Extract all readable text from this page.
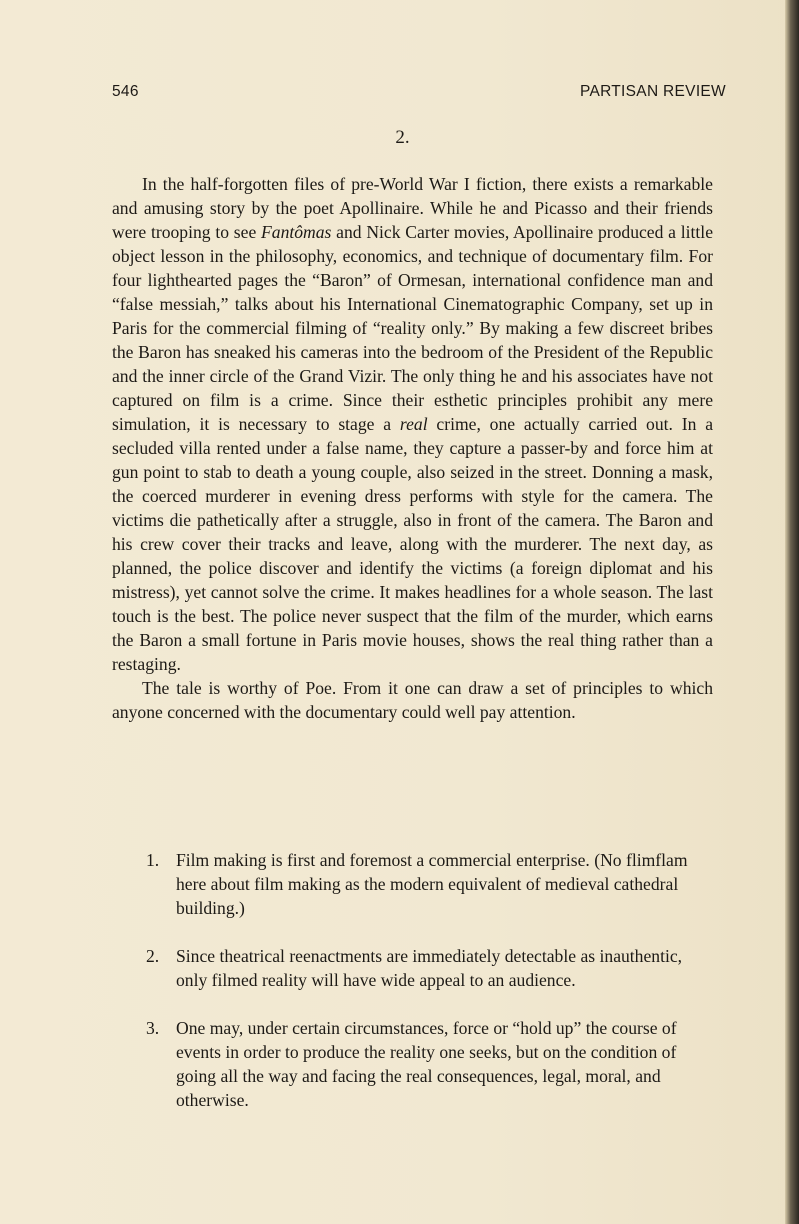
546	PARTISAN REVIEW
2.

In the half-forgotten files of pre-World War I fiction, there exists a remarkable and amusing story by the poet Apollinaire. While he and Picasso and their friends were trooping to see Fantômas and Nick Carter movies, Apollinaire produced a little object lesson in the philosophy, economics, and technique of documentary film. For four lighthearted pages the “Baron” of Ormesan, international confidence man and “false messiah,” talks about his International Cinematographic Company, set up in Paris for the commercial filming of “reality only.” By making a few discreet bribes the Baron has sneaked his cameras into the bedroom of the President of the Republic and the inner circle of the Grand Vizir. The only thing he and his associates have not captured on film is a crime. Since their esthetic principles prohibit any mere simulation, it is necessary to stage a real crime, one actually carried out. In a secluded villa rented under a false name, they capture a passer-by and force him at gun point to stab to death a young couple, also seized in the street. Donning a mask, the coerced murderer in evening dress performs with style for the camera. The victims die pathetically after a struggle, also in front of the camera. The Baron and his crew cover their tracks and leave, along with the murderer. The next day, as planned, the police discover and identify the victims (a foreign diplomat and his mistress), yet cannot solve the crime. It makes headlines for a whole season. The last touch is the best. The police never suspect that the film of the murder, which earns the Baron a small fortune in Paris movie houses, shows the real thing rather than a restaging.

The tale is worthy of Poe. From it one can draw a set of principles to which anyone concerned with the documentary could well pay attention.

1. Film making is first and foremost a commercial enterprise. (No flimflam here about film making as the modern equivalent of medieval cathedral building.)
2. Since theatrical reenactments are immediately detectable as inauthentic, only filmed reality will have wide appeal to an audience.
3. One may, under certain circumstances, force or “hold up” the course of events in order to produce the reality one seeks, but on the condition of going all the way and facing the real consequences, legal, moral, and otherwise.
